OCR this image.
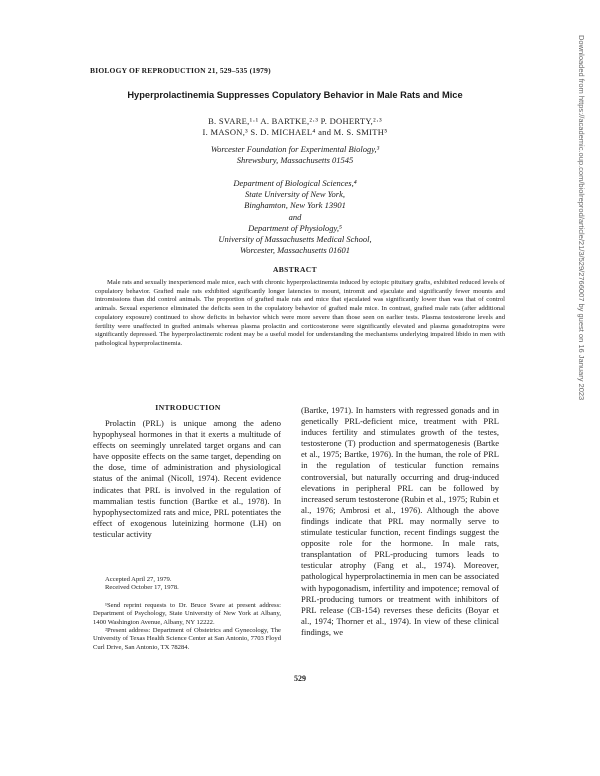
BIOLOGY OF REPRODUCTION 21, 529–535 (1979)
Hyperprolactinemia Suppresses Copulatory Behavior in Male Rats and Mice
B. SVARE,¹·¹ A. BARTKE,²·³ P. DOHERTY,²·³
I. MASON,³ S. D. MICHAEL⁴ and M. S. SMITH⁵
Worcester Foundation for Experimental Biology,³
Shrewsbury, Massachusetts 01545
Department of Biological Sciences,⁴
State University of New York,
Binghamton, New York 13901
and
Department of Physiology,⁵
University of Massachusetts Medical School,
Worcester, Massachusetts 01601
ABSTRACT
Male rats and sexually inexperienced male mice, each with chronic hyperprolactinemia induced by ectopic pituitary grafts, exhibited reduced levels of copulatory behavior. Grafted male rats exhibited significantly longer latencies to mount, intromit and ejaculate and significantly fewer mounts and intromissions than did control animals. The proportion of grafted male rats and mice that ejaculated was significantly lower than was that of control animals. Sexual experience eliminated the deficits seen in the copulatory behavior of grafted male mice. In contrast, grafted male rats (after additional copulatory exposure) continued to show deficits in behavior which were more severe than those seen on earlier tests. Plasma testosterone levels and fertility were unaffected in grafted animals whereas plasma prolactin and corticosterone were significantly elevated and plasma gonadotropins were significantly depressed. The hyperprolactinemic rodent may be a useful model for understanding the mechanisms underlying impaired libido in men with pathological hyperprolactinemia.
INTRODUCTION
Prolactin (PRL) is unique among the adeno hypophyseal hormones in that it exerts a multitude of effects on seemingly unrelated target organs and can have opposite effects on the same target, depending on the dose, time of administration and physiological status of the animal (Nicoll, 1974). Recent evidence indicates that PRL is involved in the regulation of mammalian testis function (Bartke et al., 1978). In hypophysectomized rats and mice, PRL potentiates the effect of exogenous luteinizing hormone (LH) on testicular activity
(Bartke, 1971). In hamsters with regressed gonads and in genetically PRL-deficient mice, treatment with PRL induces fertility and stimulates growth of the testes, testosterone (T) production and spermatogenesis (Bartke et al., 1975; Bartke, 1976). In the human, the role of PRL in the regulation of testicular function remains controversial, but naturally occurring and drug-induced elevations in peripheral PRL can be followed by increased serum testosterone (Rubin et al., 1975; Rubin et al., 1976; Ambrosi et al., 1976). Although the above findings indicate that PRL may normally serve to stimulate testicular function, recent findings suggest the opposite role for the hormone. In male rats, transplantation of PRL-producing tumors leads to testicular atrophy (Fang et al., 1974). Moreover, pathological hyperprolactinemia in men can be associated with hypogonadism, infertility and impotence; removal of PRL-producing tumors or treatment with inhibitors of PRL release (CB-154) reverses these deficits (Boyar et al., 1974; Thorner et al., 1974). In view of these clinical findings, we
Accepted April 27, 1979.
Received October 17, 1978.
¹Send reprint requests to Dr. Bruce Svare at present address: Department of Psychology, State University of New York at Albany, 1400 Washington Avenue, Albany, NY 12222.
²Present address: Department of Obstetrics and Gynecology, The University of Texas Health Science Center at San Antonio, 7703 Floyd Curl Drive, San Antonio, TX 78284.
529
Downloaded from https://academic.oup.com/biolreprod/article/21/3/529/2766007 by guest on 16 January 2023
